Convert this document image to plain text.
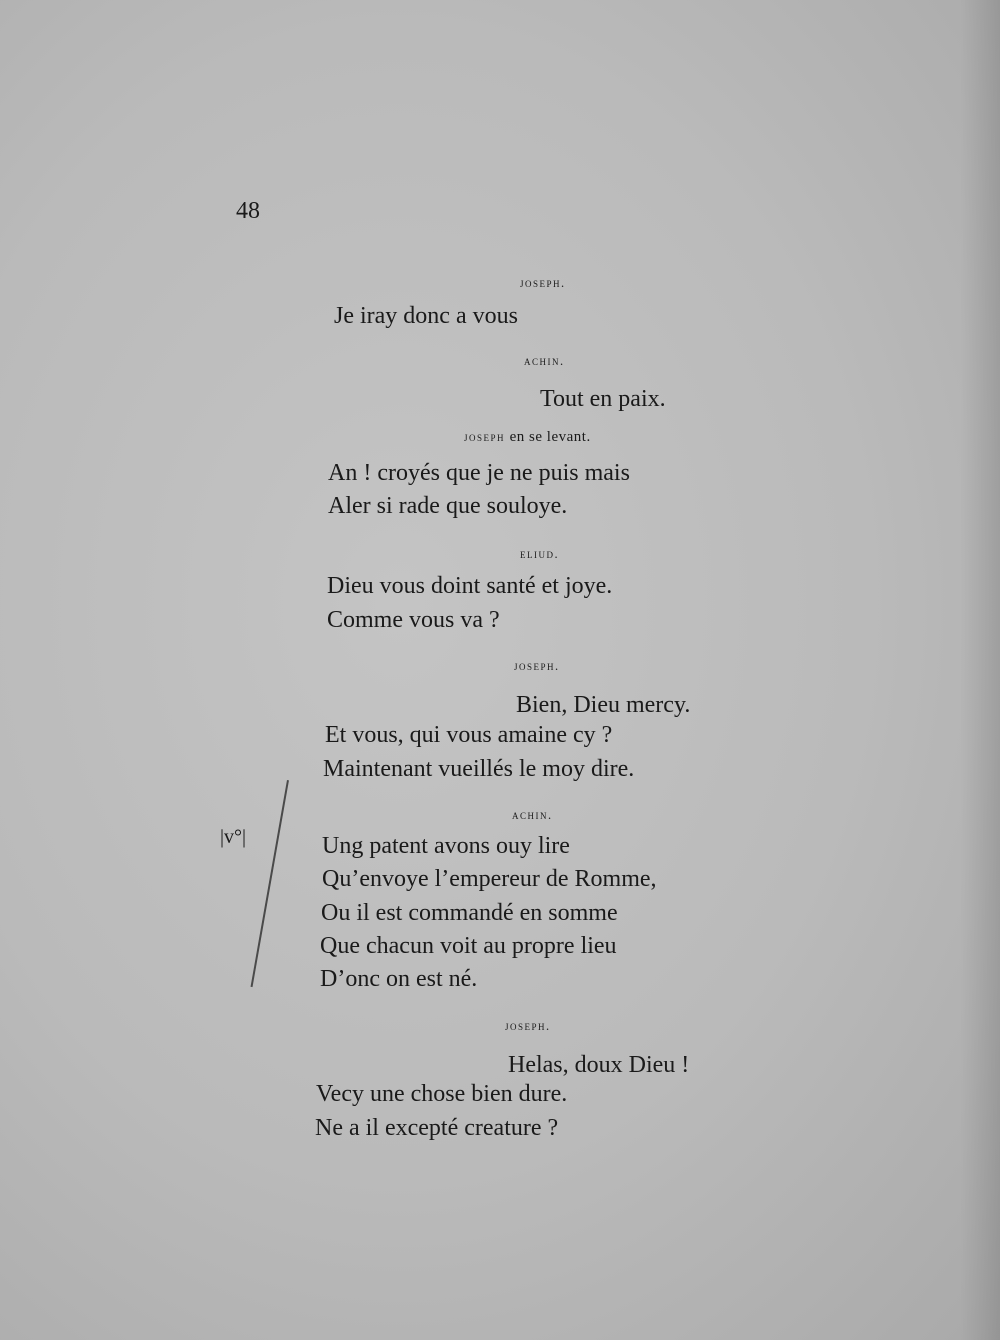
48
|v°|
joseph.
Je iray donc a vous
achin.
Tout en paix.
joseph en se levant.
An ! croyés que je ne puis mais
Aler si rade que souloye.
eliud.
Dieu vous doint santé et joye.
Comme vous va ?
joseph.
Bien, Dieu mercy.
Et vous, qui vous amaine cy ?
Maintenant vueillés le moy dire.
achin.
Ung patent avons ouy lire
Qu’envoye l’empereur de Romme,
Ou il est commandé en somme
Que chacun voit au propre lieu
D’onc on est né.
joseph.
Helas, doux Dieu !
Vecy une chose bien dure.
Ne a il excepté creature ?
